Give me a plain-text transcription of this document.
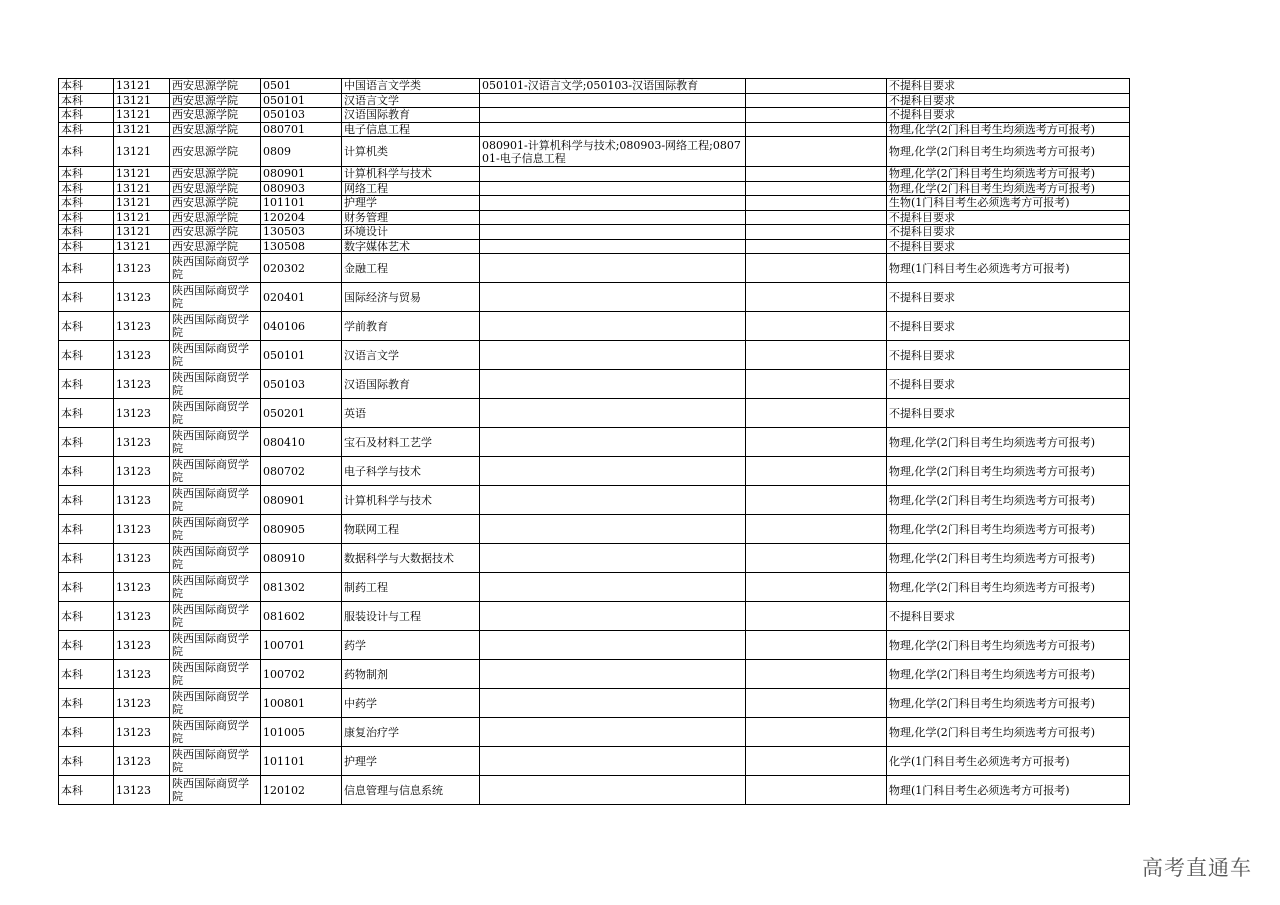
本科	13121	西安思源学院	0501	中国语言文学类	050101-汉语言文学;050103-汉语国际教育		不提科目要求
本科	13121	西安思源学院	050101	汉语言文学			不提科目要求
本科	13121	西安思源学院	050103	汉语国际教育			不提科目要求
本科	13121	西安思源学院	080701	电子信息工程			物理,化学(2门科目考生均须选考方可报考)
本科	13121	西安思源学院	0809	计算机类	080901-计算机科学与技术;080903-网络工程;080701-电子信息工程		物理,化学(2门科目考生均须选考方可报考)
本科	13121	西安思源学院	080901	计算机科学与技术			物理,化学(2门科目考生均须选考方可报考)
本科	13121	西安思源学院	080903	网络工程			物理,化学(2门科目考生均须选考方可报考)
本科	13121	西安思源学院	101101	护理学			生物(1门科目考生必须选考方可报考)
本科	13121	西安思源学院	120204	财务管理			不提科目要求
本科	13121	西安思源学院	130503	环境设计			不提科目要求
本科	13121	西安思源学院	130508	数字媒体艺术			不提科目要求
本科	13123	陕西国际商贸学院	020302	金融工程			物理(1门科目考生必须选考方可报考)
本科	13123	陕西国际商贸学院	020401	国际经济与贸易			不提科目要求
本科	13123	陕西国际商贸学院	040106	学前教育			不提科目要求
本科	13123	陕西国际商贸学院	050101	汉语言文学			不提科目要求
本科	13123	陕西国际商贸学院	050103	汉语国际教育			不提科目要求
本科	13123	陕西国际商贸学院	050201	英语			不提科目要求
本科	13123	陕西国际商贸学院	080410	宝石及材料工艺学			物理,化学(2门科目考生均须选考方可报考)
本科	13123	陕西国际商贸学院	080702	电子科学与技术			物理,化学(2门科目考生均须选考方可报考)
本科	13123	陕西国际商贸学院	080901	计算机科学与技术			物理,化学(2门科目考生均须选考方可报考)
本科	13123	陕西国际商贸学院	080905	物联网工程			物理,化学(2门科目考生均须选考方可报考)
本科	13123	陕西国际商贸学院	080910	数据科学与大数据技术			物理,化学(2门科目考生均须选考方可报考)
本科	13123	陕西国际商贸学院	081302	制药工程			物理,化学(2门科目考生均须选考方可报考)
本科	13123	陕西国际商贸学院	081602	服装设计与工程			不提科目要求
本科	13123	陕西国际商贸学院	100701	药学			物理,化学(2门科目考生均须选考方可报考)
本科	13123	陕西国际商贸学院	100702	药物制剂			物理,化学(2门科目考生均须选考方可报考)
本科	13123	陕西国际商贸学院	100801	中药学			物理,化学(2门科目考生均须选考方可报考)
本科	13123	陕西国际商贸学院	101005	康复治疗学			物理,化学(2门科目考生均须选考方可报考)
本科	13123	陕西国际商贸学院	101101	护理学			化学(1门科目考生必须选考方可报考)
本科	13123	陕西国际商贸学院	120102	信息管理与信息系统			物理(1门科目考生必须选考方可报考)
高考直通车
